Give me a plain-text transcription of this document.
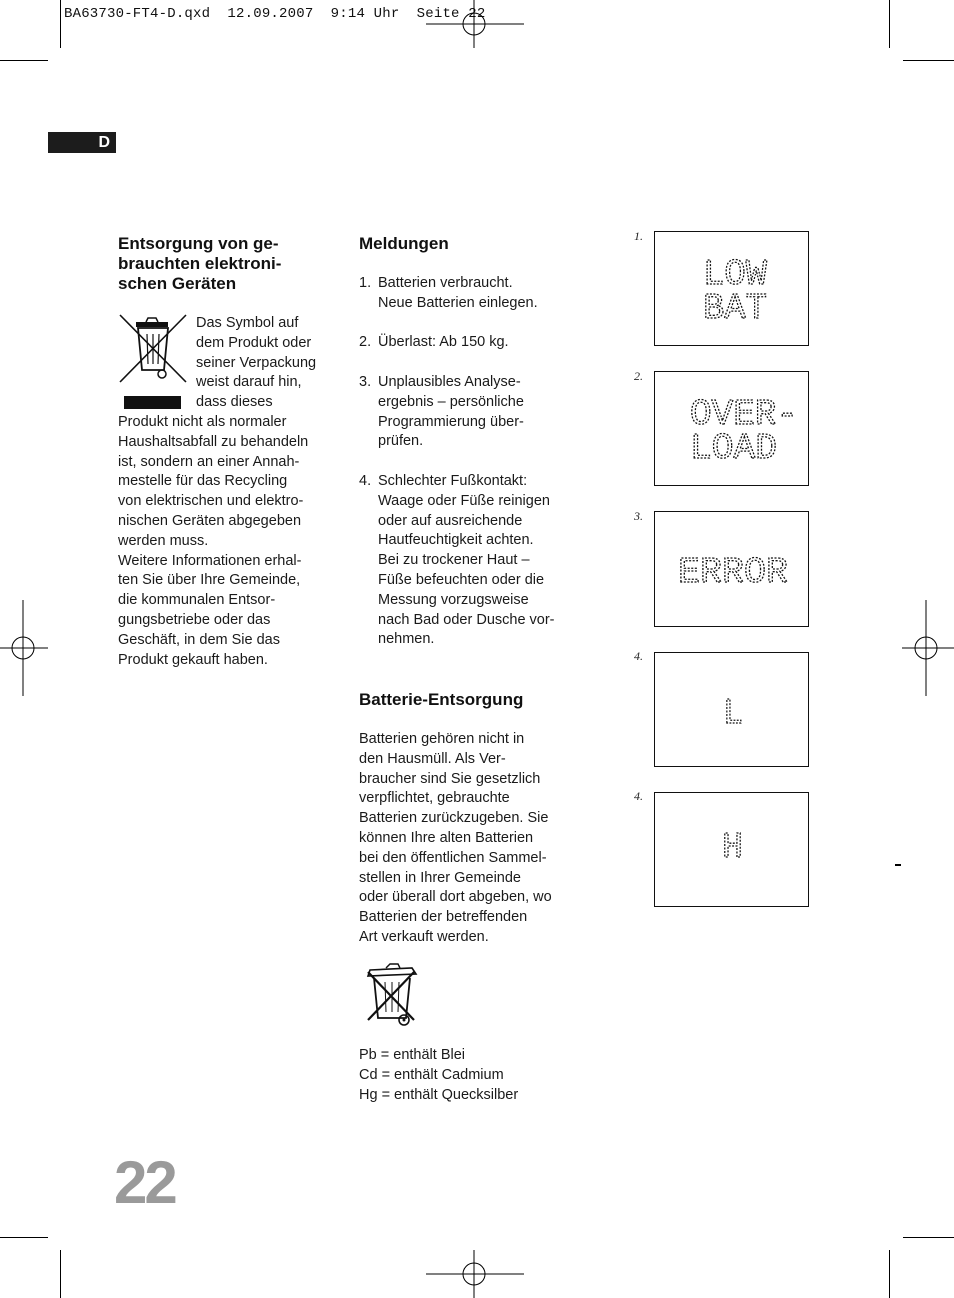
BA63730-FT4-D.qxd  12.09.2007  9:14 Uhr  Seite 22
D
Entsorgung von ge-
brauchten elektroni-
schen Geräten
Das Symbol auf
dem Produkt oder
seiner Verpackung
weist darauf hin,
dass dieses
Produkt nicht als normaler
Haushaltsabfall zu behandeln
ist, sondern an einer Annah-
mestelle für das Recycling
von elektrischen und elektro-
nischen Geräten abgegeben
werden muss.
Weitere Informationen erhal-
ten Sie über Ihre Gemeinde,
die kommunalen Entsor-
gungsbetriebe oder das
Geschäft, in dem Sie das
Produkt gekauft haben.
Meldungen
1. Batterien verbraucht.
Neue Batterien einlegen.
2. Überlast: Ab 150 kg.
3. Unplausibles Analyse-
ergebnis – persönliche
Programmierung über-
prüfen.
4. Schlechter Fußkontakt:
Waage oder Füße reinigen
oder auf ausreichende
Hautfeuchtigkeit achten.
Bei zu trockener Haut –
Füße befeuchten oder die
Messung vorzugsweise
nach Bad oder Dusche vor-
nehmen.
Batterie-Entsorgung
Batterien gehören nicht in
den Hausmüll. Als Ver-
braucher sind Sie gesetzlich
verpflichtet, gebrauchte
Batterien zurückzugeben. Sie
können Ihre alten Batterien
bei den öffentlichen Sammel-
stellen in Ihrer Gemeinde
oder überall dort abgeben, wo
Batterien der betreffenden
Art verkauft werden.
Pb = enthält Blei
Cd = enthält Cadmium
Hg = enthält Quecksilber
1.
LOW
BAT
2.
OVER-
LOAD
3.
ERROR
4.
L
4.
H
22
